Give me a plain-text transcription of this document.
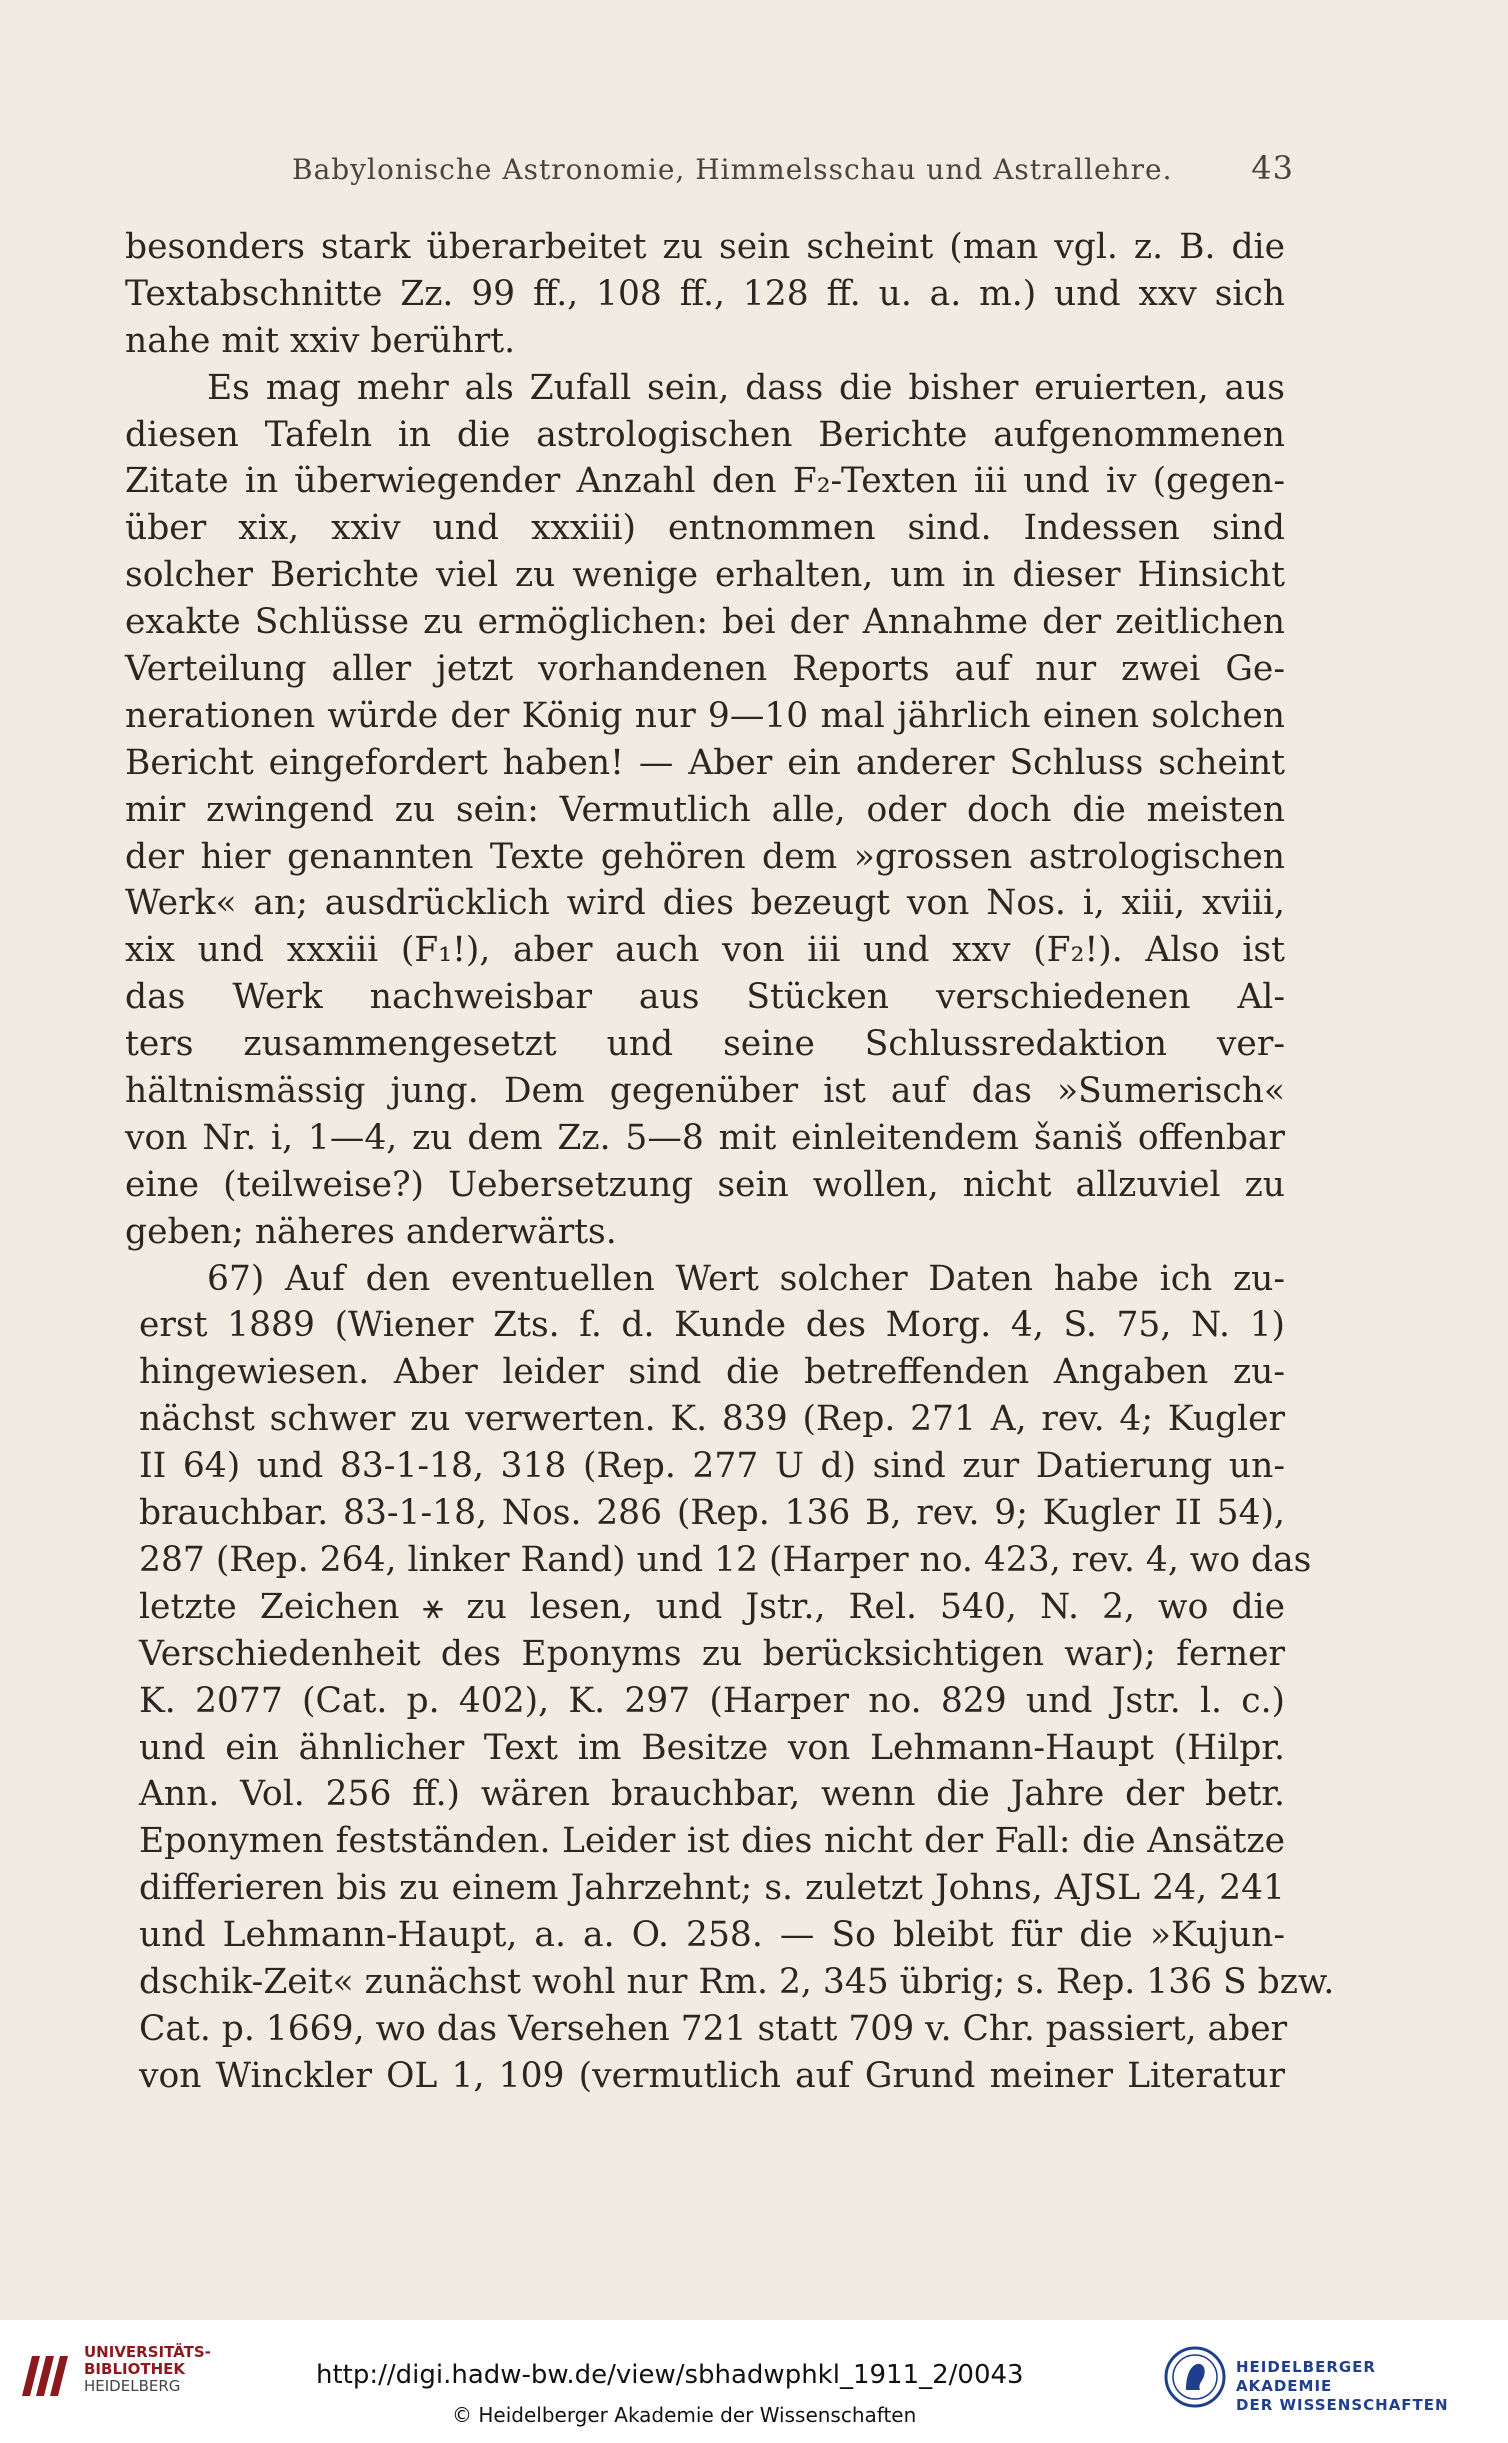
Babylonische Astronomie, Himmelsschau und Astrallehre. 43
besonders stark überarbeitet zu sein scheint (man vgl. z. B. die
Textabschnitte Zz. 99 ff., 108 ff., 128 ff. u. a. m.) und xxv sich
nahe mit xxiv berührt.
Es mag mehr als Zufall sein, dass die bisher eruierten, aus
diesen Tafeln in die astrologischen Berichte aufgenommenen
Zitate in überwiegender Anzahl den F₂-Texten iii und iv (gegen-
über xix, xxiv und xxxiii) entnommen sind. Indessen sind
solcher Berichte viel zu wenige erhalten, um in dieser Hinsicht
exakte Schlüsse zu ermöglichen: bei der Annahme der zeitlichen
Verteilung aller jetzt vorhandenen Reports auf nur zwei Ge-
nerationen würde der König nur 9—10 mal jährlich einen solchen
Bericht eingefordert haben! — Aber ein anderer Schluss scheint
mir zwingend zu sein: Vermutlich alle, oder doch die meisten
der hier genannten Texte gehören dem »grossen astrologischen
Werk« an; ausdrücklich wird dies bezeugt von Nos. i, xiii, xviii,
xix und xxxiii (F₁!), aber auch von iii und xxv (F₂!). Also ist
das Werk nachweisbar aus Stücken verschiedenen Al-
ters zusammengesetzt und seine Schlussredaktion ver-
hältnismässig jung. Dem gegenüber ist auf das »Sumerisch«
von Nr. i, 1—4, zu dem Zz. 5—8 mit einleitendem šaniš offenbar
eine (teilweise?) Uebersetzung sein wollen, nicht allzuviel zu
geben; näheres anderwärts.
67) Auf den eventuellen Wert solcher Daten habe ich zu-
erst 1889 (Wiener Zts. f. d. Kunde des Morg. 4, S. 75, N. 1)
hingewiesen. Aber leider sind die betreffenden Angaben zu-
nächst schwer zu verwerten. K. 839 (Rep. 271 A, rev. 4; Kugler
II 64) und 83-1-18, 318 (Rep. 277 U d) sind zur Datierung un-
brauchbar. 83-1-18, Nos. 286 (Rep. 136 B, rev. 9; Kugler II 54),
287 (Rep. 264, linker Rand) und 12 (Harper no. 423, rev. 4, wo das
letzte Zeichen ⚹ zu lesen, und Jstr., Rel. 540, N. 2, wo die
Verschiedenheit des Eponyms zu berücksichtigen war); ferner
K. 2077 (Cat. p. 402), K. 297 (Harper no. 829 und Jstr. l. c.)
und ein ähnlicher Text im Besitze von Lehmann-Haupt (Hilpr.
Ann. Vol. 256 ff.) wären brauchbar, wenn die Jahre der betr.
Eponymen festständen. Leider ist dies nicht der Fall: die Ansätze
differieren bis zu einem Jahrzehnt; s. zuletzt Johns, AJSL 24, 241
und Lehmann-Haupt, a. a. O. 258. — So bleibt für die »Kujun-
dschik-Zeit« zunächst wohl nur Rm. 2, 345 übrig; s. Rep. 136 S bzw.
Cat. p. 1669, wo das Versehen 721 statt 709 v. Chr. passiert, aber
von Winckler OL 1, 109 (vermutlich auf Grund meiner Literatur
UNIVERSITÄTS-BIBLIOTHEK
HEIDELBERG	http://digi.hadw-bw.de/view/sbhadwphkl_1911_2/0043
© Heidelberger Akademie der Wissenschaften
HEIDELBERGER AKADEMIE
DER WISSENSCHAFTEN
